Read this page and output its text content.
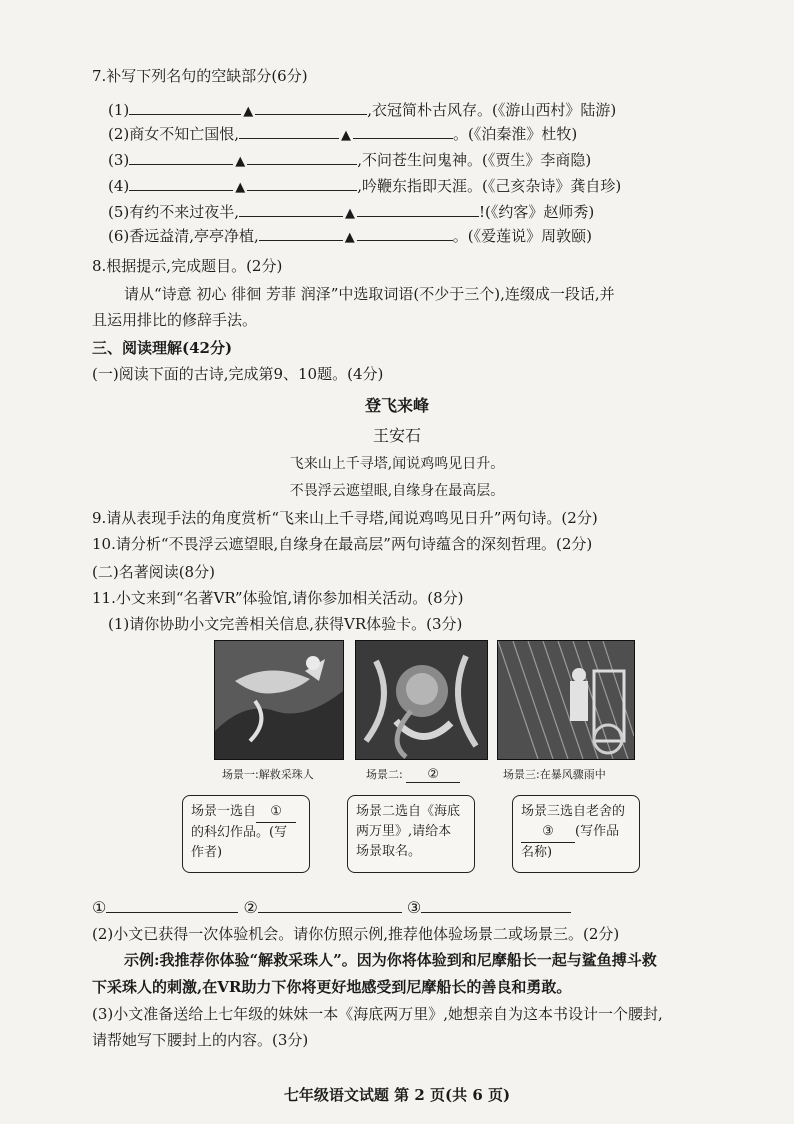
7.补写下列名句的空缺部分(6分)
(1)	▲	,衣冠简朴古风存。(《游山西村》陆游)
(2)商女不知亡国恨,	▲	。(《泊秦淮》杜牧)
(3)	▲	,不问苍生问鬼神。(《贾生》李商隐)
(4)	▲	,吟鞭东指即天涯。(《己亥杂诗》龚自珍)
(5)有约不来过夜半,	▲	!(《约客》赵师秀)
(6)香远益清,亭亭净植,	▲	。(《爱莲说》周敦颐)
8.根据提示,完成题目。(2分)
请从“诗意 初心 徘徊 芳菲 润泽”中选取词语(不少于三个),连缀成一段话,并
且运用排比的修辞手法。
三、阅读理解(42分)
(一)阅读下面的古诗,完成第9、10题。(4分)
登飞来峰
王安石
飞来山上千寻塔,闻说鸡鸣见日升。
不畏浮云遮望眼,自缘身在最高层。
9.请从表现手法的角度赏析“飞来山上千寻塔,闻说鸡鸣见日升”两句诗。(2分)
10.请分析“不畏浮云遮望眼,自缘身在最高层”两句诗蕴含的深刻哲理。(2分)
(二)名著阅读(8分)
11.小文来到“名著VR”体验馆,请你参加相关活动。(8分)
(1)请你协助小文完善相关信息,获得VR体验卡。(3分)
场景一:解救采珠人	场景二: ②	场景三:在暴风骤雨中
场景一选自 ①
的科幻作品。(写
作者)
场景二选自《海底
两万里》,请给本
场景取名。
场景三选自老舍的
③ (写作品
名称)
①	②	③
(2)小文已获得一次体验机会。请你仿照示例,推荐他体验场景二或场景三。(2分)
示例:我推荐你体验“解救采珠人”。因为你将体验到和尼摩船长一起与鲨鱼搏斗救
下采珠人的刺激,在VR助力下你将更好地感受到尼摩船长的善良和勇敢。
(3)小文准备送给上七年级的妹妹一本《海底两万里》,她想亲自为这本书设计一个腰封,
请帮她写下腰封上的内容。(3分)
七年级语文试题 第 2 页(共 6 页)
